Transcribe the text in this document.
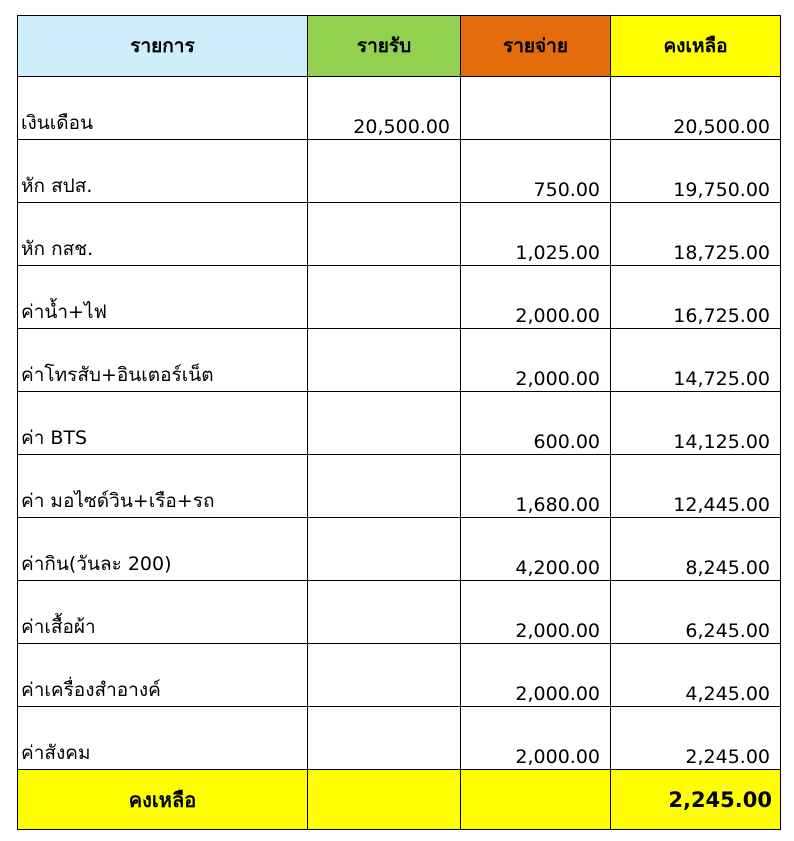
รายการ	รายรับ	รายจ่าย	คงเหลือ
เงินเดือน	20,500.00		20,500.00
หัก สปส.		750.00	19,750.00
หัก กสช.		1,025.00	18,725.00
ค่าน้ำ+ไฟ		2,000.00	16,725.00
ค่าโทรสับ+อินเตอร์เน็ต		2,000.00	14,725.00
ค่า BTS		600.00	14,125.00
ค่า มอไซด์วิน+เรือ+รถ		1,680.00	12,445.00
ค่ากิน(วันละ 200)		4,200.00	8,245.00
ค่าเสื้อผ้า		2,000.00	6,245.00
ค่าเครื่องสำอางค์		2,000.00	4,245.00
ค่าสังคม		2,000.00	2,245.00
คงเหลือ			2,245.00
